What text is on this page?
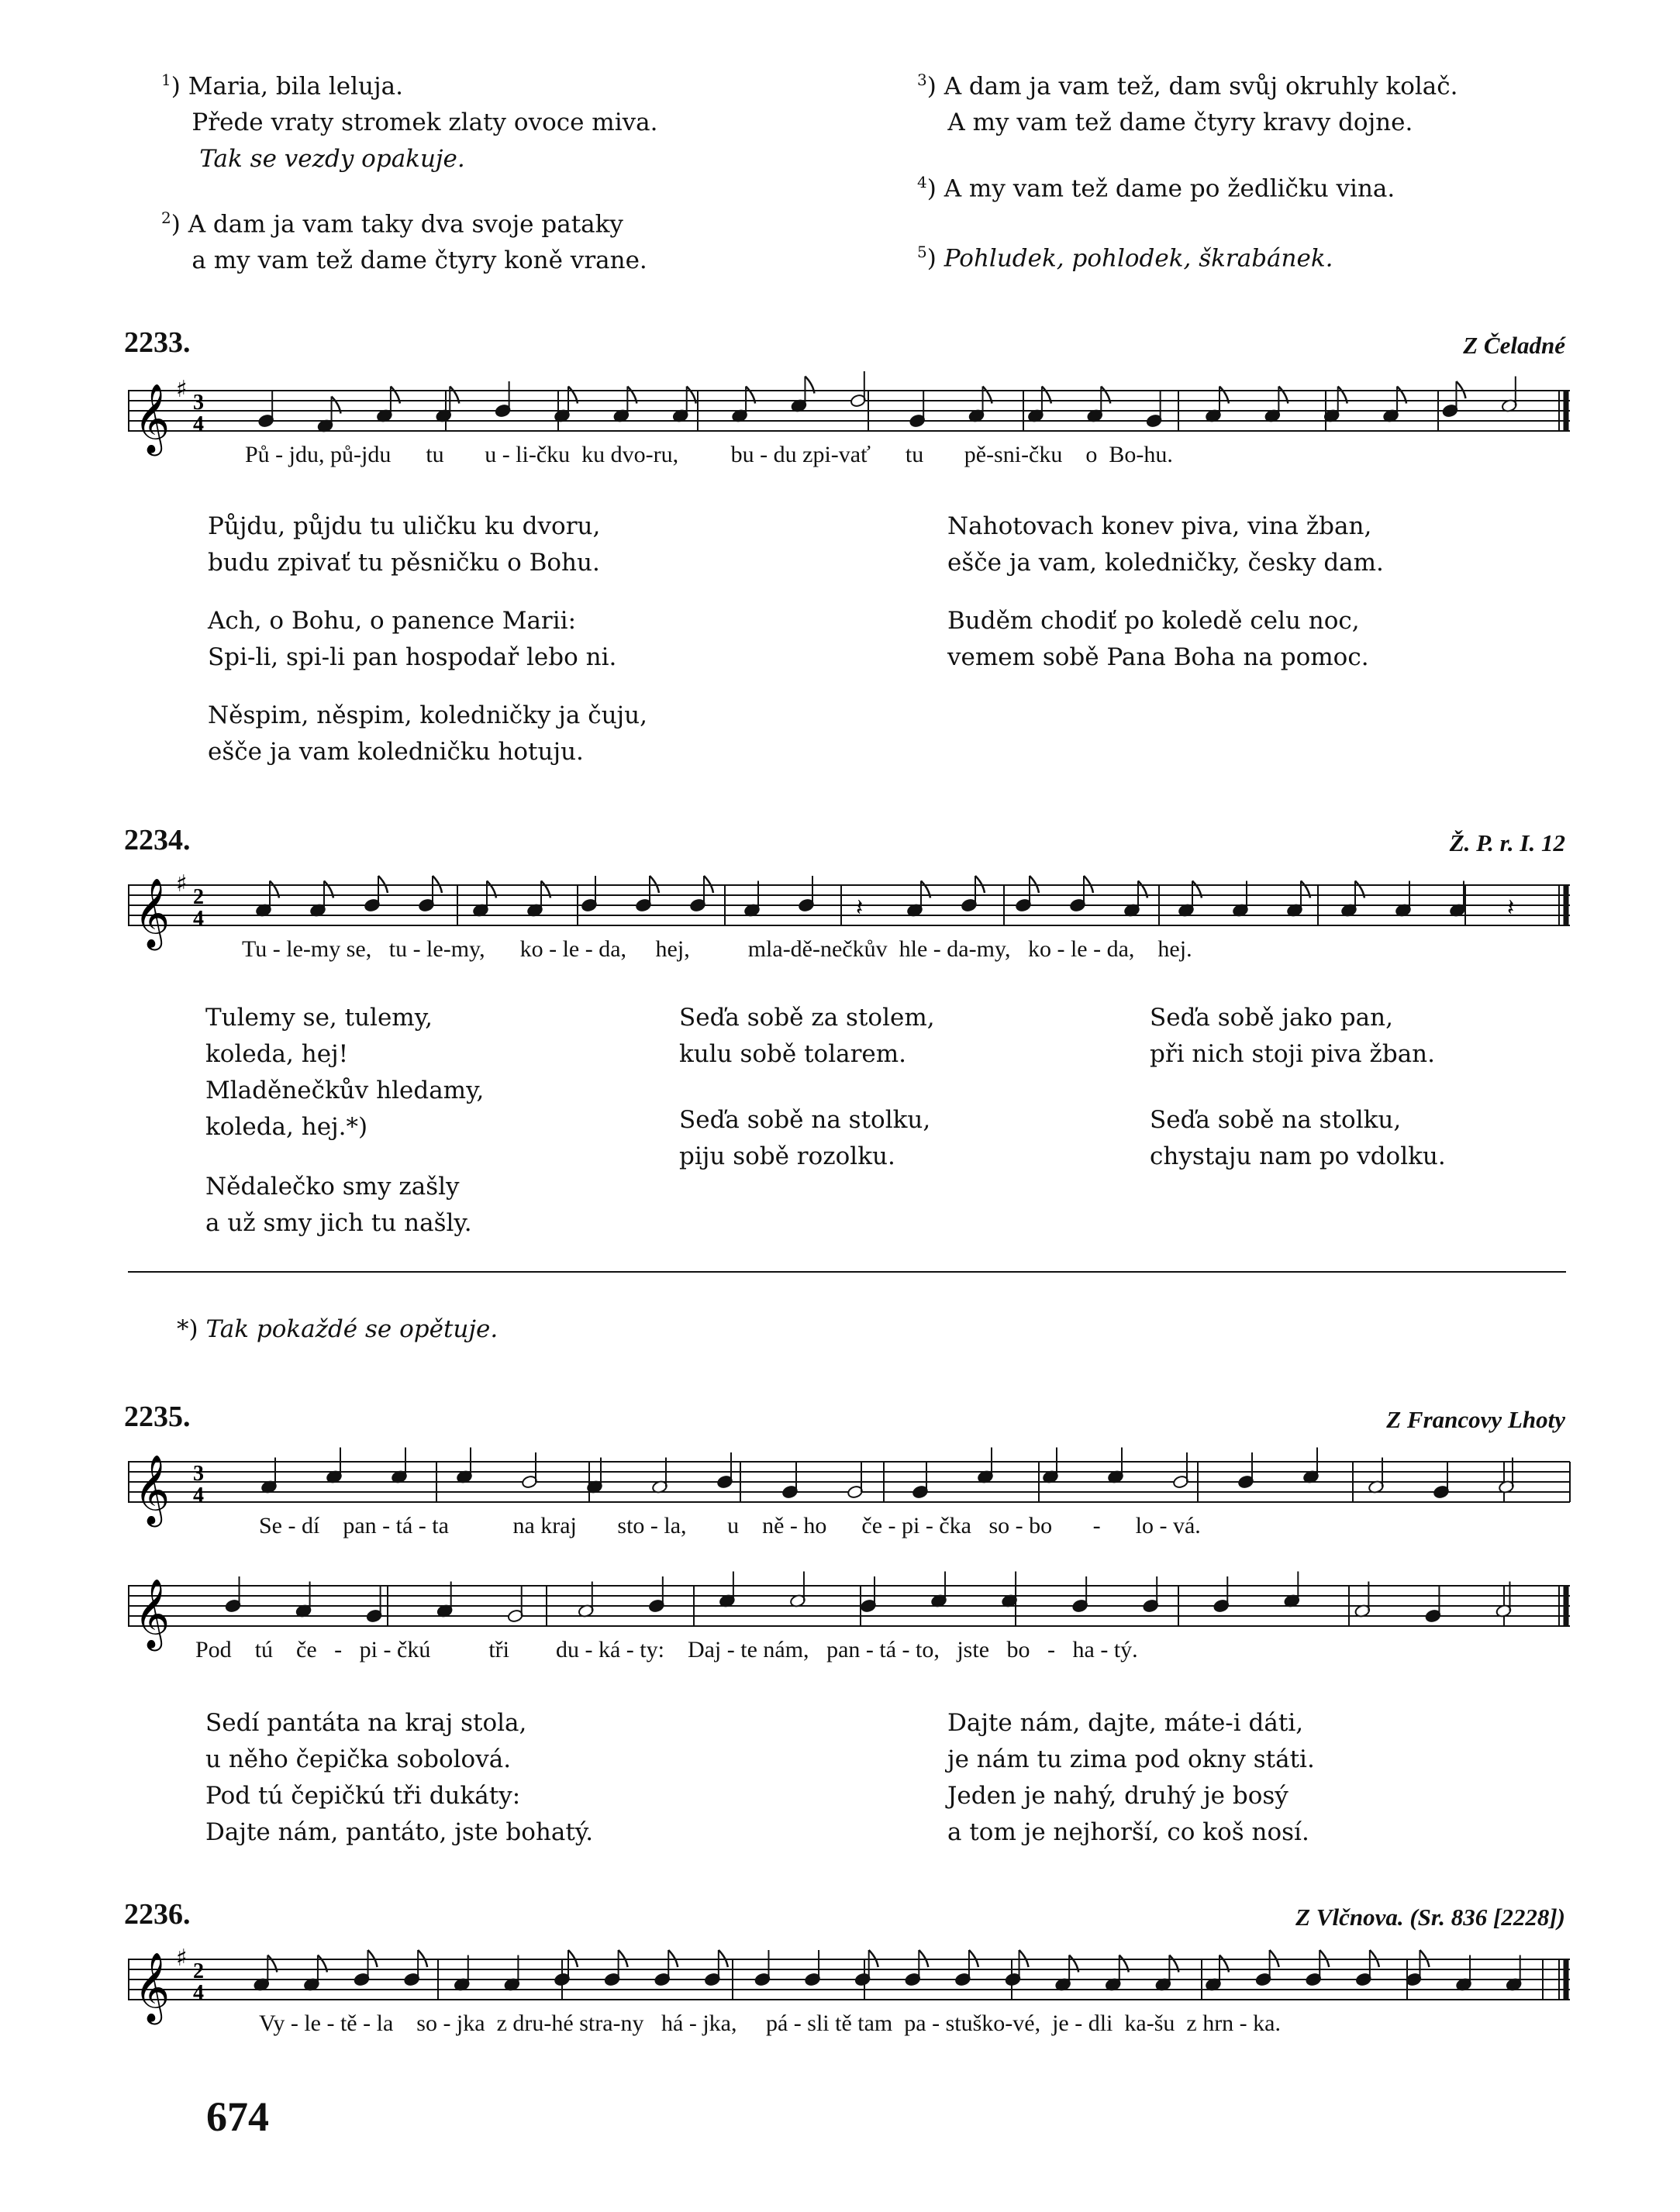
$^1$) Maria, bila leluja.
Přede vraty stromek zlaty ovoce miva.
Tak se vezdy opakuje.
$^2$) A dam ja vam taky dva svoje pataky
a my vam tež dame čtyry koně vrane.
$^3$) A dam ja vam tež, dam svůj okruhly kolač.
A my vam tež dame čtyry kravy dojne.
$^4$) A my vam tež dame po žedličku vina.
$^5$) Pohludek, pohlodek, škrabánek.
2233.	Z Čeladné
𝄞 ♯ 3
4
Pů - jdu, pů-jdu tu u - li-čku ku dvo-ru, bu - du zpi-vať tu pě-sni-čku o Bo-hu.
Půjdu, půjdu tu uličku ku dvoru,
budu zpivať tu pěsničku o Bohu.
Ach, o Bohu, o panence Marii:
Spi-li, spi-li pan hospodař lebo ni.
Něspim, něspim, koledničky ja čuju,
ešče ja vam koledničku hotuju.
Nahotovach konev piva, vina žban,
ešče ja vam, koledničky, česky dam.
Buděm chodiť po koledě celu noc,
vemem sobě Pana Boha na pomoc.
2234.	Ž. P. r. I. 12
𝄞 ♯ 2
4	𝄽	𝄽
Tu - le-my se, tu - le-my, ko - le - da, hej,	mla-dě-nečkův hle - da-my, ko - le - da, hej.
Tulemy se, tulemy,
koleda, hej!
Mladěnečkův hledamy,
koleda, hej.*)
Nědalečko smy zašly
a už smy jich tu našly.
Seďa sobě za stolem,
kulu sobě tolarem.
Seďa sobě na stolku,
piju sobě rozolku.
Seďa sobě jako pan,
při nich stoji piva žban.
Seďa sobě na stolku,
chystaju nam po vdolku.
*) Tak pokaždé se opětuje.
2235.	Z Francovy Lhoty
𝄞 3
4
Se - dí pan - tá - ta	na kraj sto - la, u ně - ho če - pi - čka so - bo - lo - vá.
𝄞
Pod tú če - pi - čkú	tři du - ká - ty: Daj - te nám, pan - tá - to, jste bo - ha - tý.
Sedí pantáta na kraj stola,
u něho čepička sobolová.
Pod tú čepičkú tři dukáty:
Dajte nám, pantáto, jste bohatý.
Dajte nám, dajte, máte-i dáti,
je nám tu zima pod okny státi.
Jeden je nahý, druhý je bosý
a tom je nejhorší, co koš nosí.
2236.	Z Vlčnova. (Sr. 836 [2228])
𝄞 ♯ 2
4
Vy - le - tě - la so - jka z dru-hé stra-ny há - jka, pá - sli tě tam pa - stuško-vé, je - dli ka-šu z hrn - ka.
674
